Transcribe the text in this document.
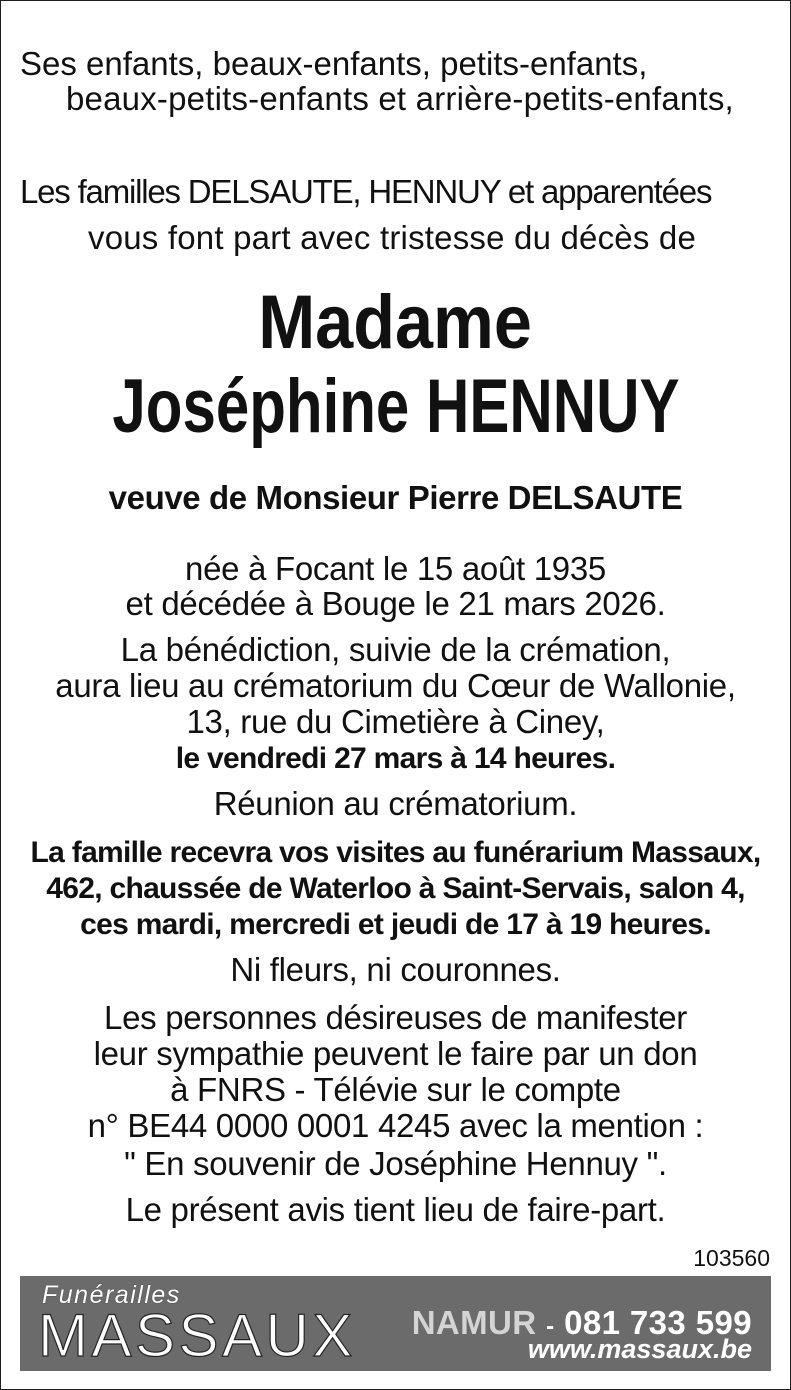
Ses enfants, beaux-enfants, petits-enfants,
beaux-petits-enfants et arrière-petits-enfants,
Les familles DELSAUTE, HENNUY et apparentées
vous font part avec tristesse du décès de
Madame
Joséphine HENNUY
veuve de Monsieur Pierre DELSAUTE
née à Focant le 15 août 1935
et décédée à Bouge le 21 mars 2026.
La bénédiction, suivie de la crémation,
aura lieu au crématorium du Cœur de Wallonie,
13, rue du Cimetière à Ciney,
le vendredi 27 mars à 14 heures.
Réunion au crématorium.
La famille recevra vos visites au funérarium Massaux,
462, chaussée de Waterloo à Saint-Servais, salon 4,
ces mardi, mercredi et jeudi de 17 à 19 heures.
Ni fleurs, ni couronnes.
Les personnes désireuses de manifester
leur sympathie peuvent le faire par un don
à FNRS - Télévie sur le compte
n° BE44 0000 0001 4245 avec la mention :
" En souvenir de Joséphine Hennuy ".
Le présent avis tient lieu de faire-part.
103560
Funérailles
MASSAUX NAMUR - 081 733 599
www.massaux.be
